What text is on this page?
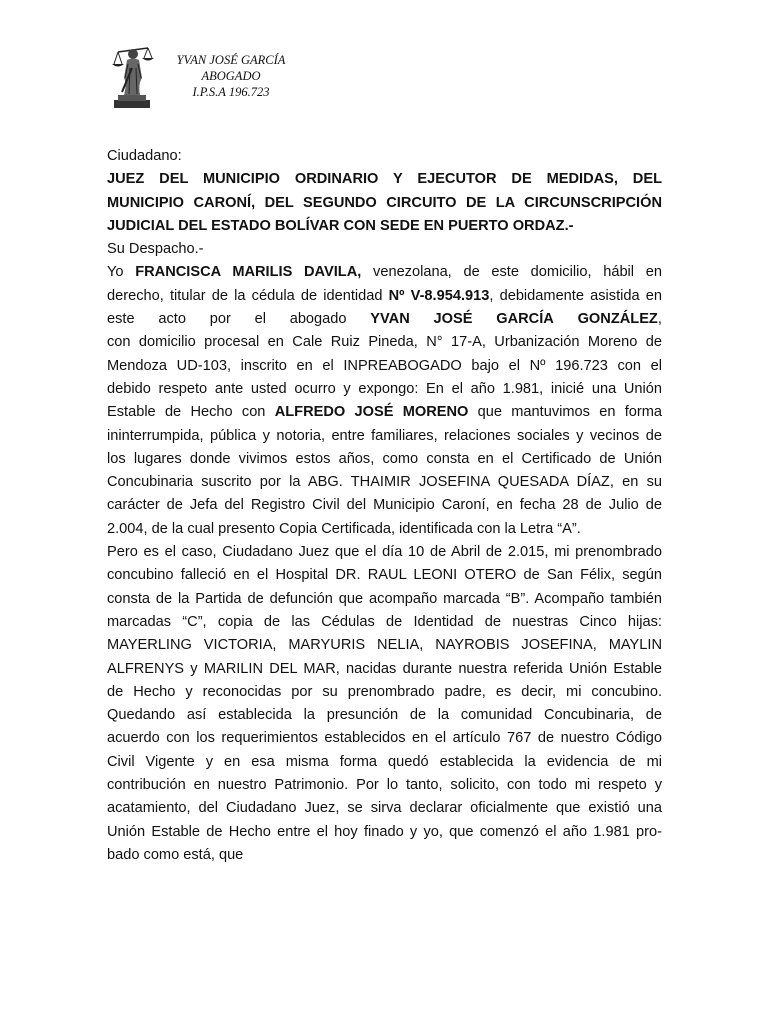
YVAN JOSÉ GARCÍA
ABOGADO
I.P.S.A 196.723

Ciudadano:

JUEZ DEL MUNICIPIO ORDINARIO Y EJECUTOR DE MEDIDAS, DEL

MUNICIPIO CARONÍ, DEL SEGUNDO CIRCUITO DE LA CIRCUNSCRIPCIÓN

JUDICIAL DEL ESTADO BOLÍVAR CON SEDE EN PUERTO ORDAZ.-

Su Despacho.-

Yo FRANCISCA MARILIS DAVILA, venezolana, de este domicilio, hábil en

derecho, titular de la cédula de identidad Nº V-8.954.913, debidamente asistida en

este acto por el abogado YVAN JOSÉ GARCÍA GONZÁLEZ,

con domicilio procesal en Cale Ruiz Pineda, N° 17-A, Urbanización Moreno de

Mendoza UD-103, inscrito en el INPREABOGADO bajo el Nº 196.723 con el

debido respeto ante usted ocurro y expongo: En el año 1.981, inicié una Unión

Estable de Hecho con ALFREDO JOSÉ MORENO que mantuvimos en forma

ininterrumpida, pública y notoria, entre familiares, relaciones sociales y vecinos de

los lugares donde vivimos estos años, como consta en el Certificado de Unión

Concubinaria suscrito por la ABG. THAIMIR JOSEFINA QUESADA DÍAZ, en su

carácter de Jefa del Registro Civil del Municipio Caroní, en fecha 28 de Julio de

2.004, de la cual presento Copia Certificada, identificada con la Letra “A”.

Pero es el caso, Ciudadano Juez que el día 10 de Abril de 2.015, mi prenombrado

concubino falleció en el Hospital DR. RAUL LEONI OTERO de San Félix, según

consta de la Partida de defunción que acompaño marcada “B”. Acompaño también

marcadas “C”, copia de las Cédulas de Identidad de nuestras Cinco hijas:

MAYERLING VICTORIA, MARYURIS NELIA, NAYROBIS JOSEFINA, MAYLIN

ALFRENYS y MARILIN DEL MAR, nacidas durante nuestra referida Unión Estable

de Hecho y reconocidas por su prenombrado padre, es decir, mi concubino.

Quedando así establecida la presunción de la comunidad Concubinaria, de

acuerdo con los requerimientos establecidos en el artículo 767 de nuestro Código

Civil Vigente y en esa misma forma quedó establecida la evidencia de mi

contribución en nuestro Patrimonio. Por lo tanto, solicito, con todo mi respeto y

acatamiento, del Ciudadano Juez, se sirva declarar oficialmente que existió una

Unión Estable de Hecho entre el hoy finado y yo, que comenzó el año 1.981 pro-

bado como está, que
